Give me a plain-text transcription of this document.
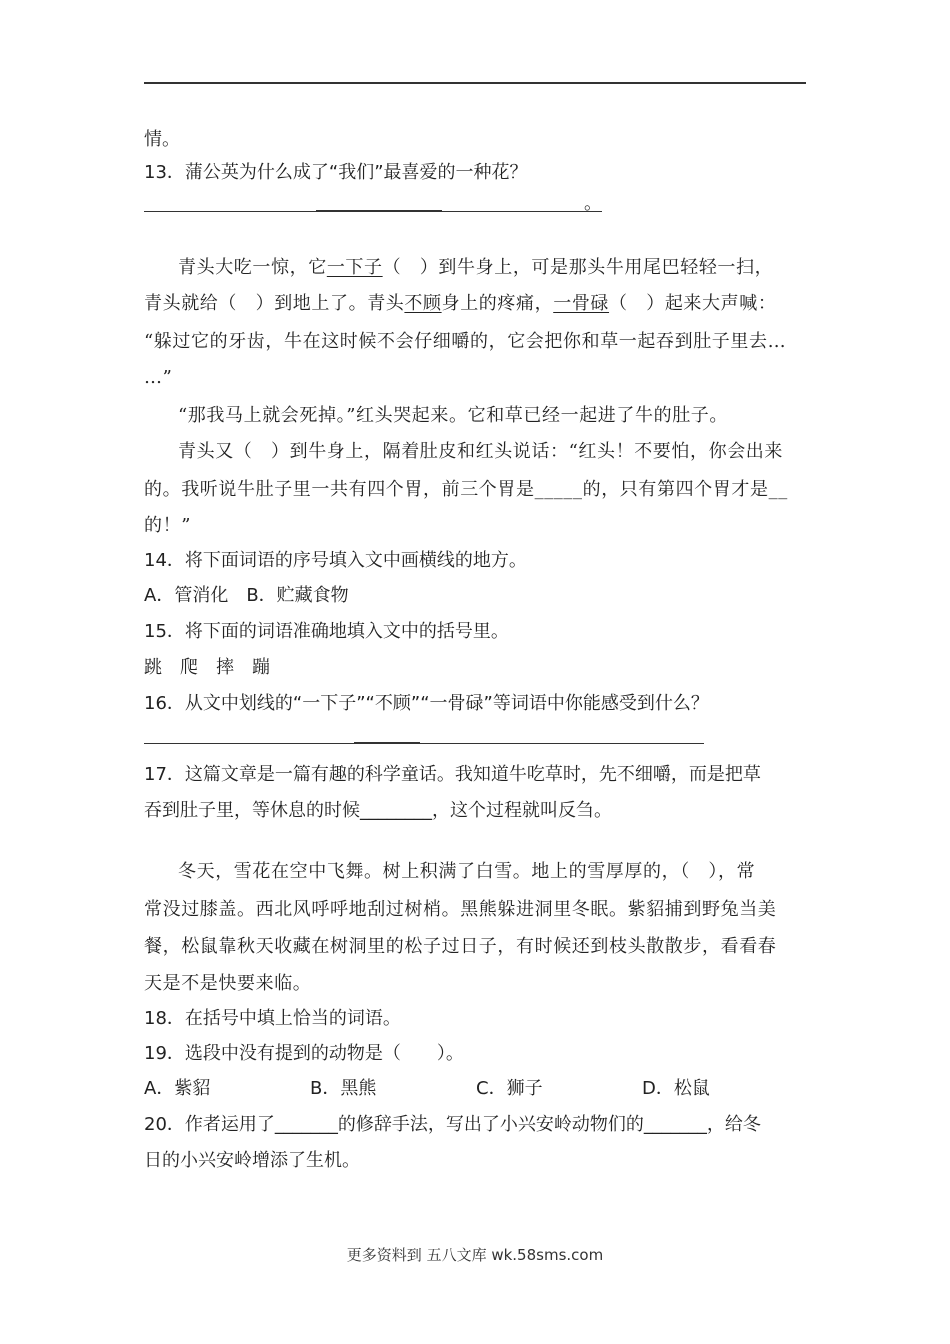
情。
13．蒲公英为什么成了“我们”最喜爱的一种花？
。
青头大吃一惊，它一下子（　）到牛身上，可是那头牛用尾巴轻轻一扫，
青头就给（　）到地上了。青头不顾身上的疼痛，一骨碌（　）起来大声喊：
“躲过它的牙齿，牛在这时候不会仔细嚼的，它会把你和草一起吞到肚子里去…
…”
“那我马上就会死掉。”红头哭起来。它和草已经一起进了牛的肚子。
青头又（　）到牛身上，隔着肚皮和红头说话：“红头！不要怕，你会出来
的。我听说牛肚子里一共有四个胃，前三个胃是_____的，只有第四个胃才是__
的！”
14．将下面词语的序号填入文中画横线的地方。
A．管消化　B．贮藏食物
15．将下面的词语准确地填入文中的括号里。
跳　爬　摔　蹦
16．从文中划线的“一下子”“不顾”“一骨碌”等词语中你能感受到什么？
17．这篇文章是一篇有趣的科学童话。我知道牛吃草时，先不细嚼，而是把草
吞到肚子里，等休息的时候________，这个过程就叫反刍。
冬天，雪花在空中飞舞。树上积满了白雪。地上的雪厚厚的，（　），常
常没过膝盖。西北风呼呼地刮过树梢。黑熊躲进洞里冬眠。紫貂捕到野兔当美
餐，松鼠靠秋天收藏在树洞里的松子过日子，有时候还到枝头散散步，看看春
天是不是快要来临。
18．在括号中填上恰当的词语。
19．选段中没有提到的动物是（　　）。
A．紫貂	B．黑熊	C．狮子	D．松鼠
20．作者运用了_______的修辞手法，写出了小兴安岭动物们的_______，给冬
日的小兴安岭增添了生机。
更多资料到 五八文库 wk.58sms.com
